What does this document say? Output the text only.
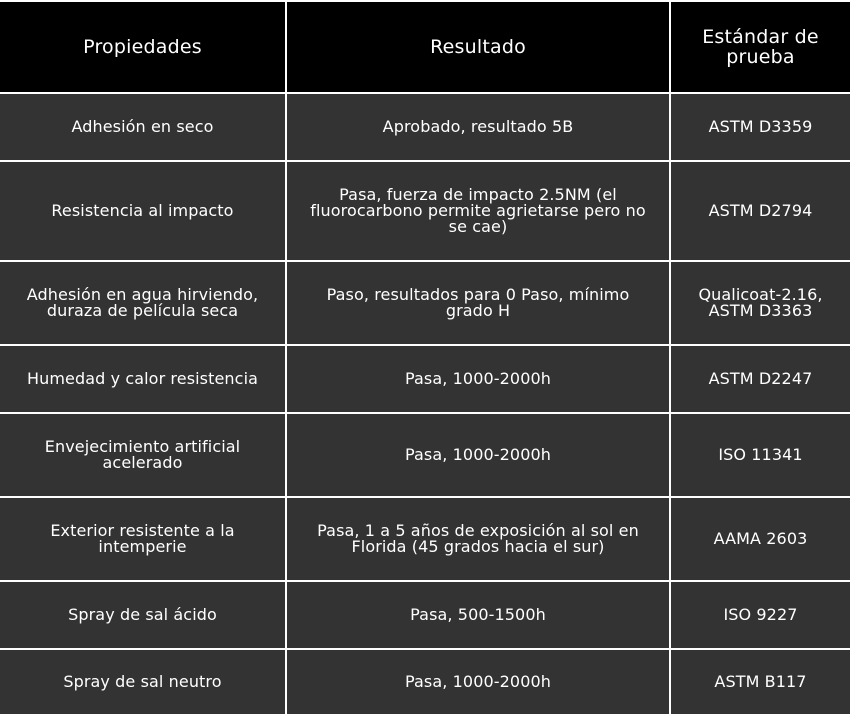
Propiedades	Resultado	Estándar de prueba
Adhesión en seco	Aprobado, resultado 5B	ASTM D3359
Resistencia al impacto	Pasa, fuerza de impacto 2.5NM (el fluorocarbono permite agrietarse pero no se cae)	ASTM D2794
Adhesión en agua hirviendo, duraza de película seca	Paso, resultados para 0 Paso, mínimo grado H	Qualicoat-2.16, ASTM D3363
Humedad y calor resistencia	Pasa, 1000-2000h	ASTM D2247
Envejecimiento artificial acelerado	Pasa, 1000-2000h	ISO 11341
Exterior resistente a la intemperie	Pasa, 1 a 5 años de exposición al sol en Florida (45 grados hacia el sur)	AAMA 2603
Spray de sal ácido	Pasa, 500-1500h	ISO 9227
Spray de sal neutro	Pasa, 1000-2000h	ASTM B117
